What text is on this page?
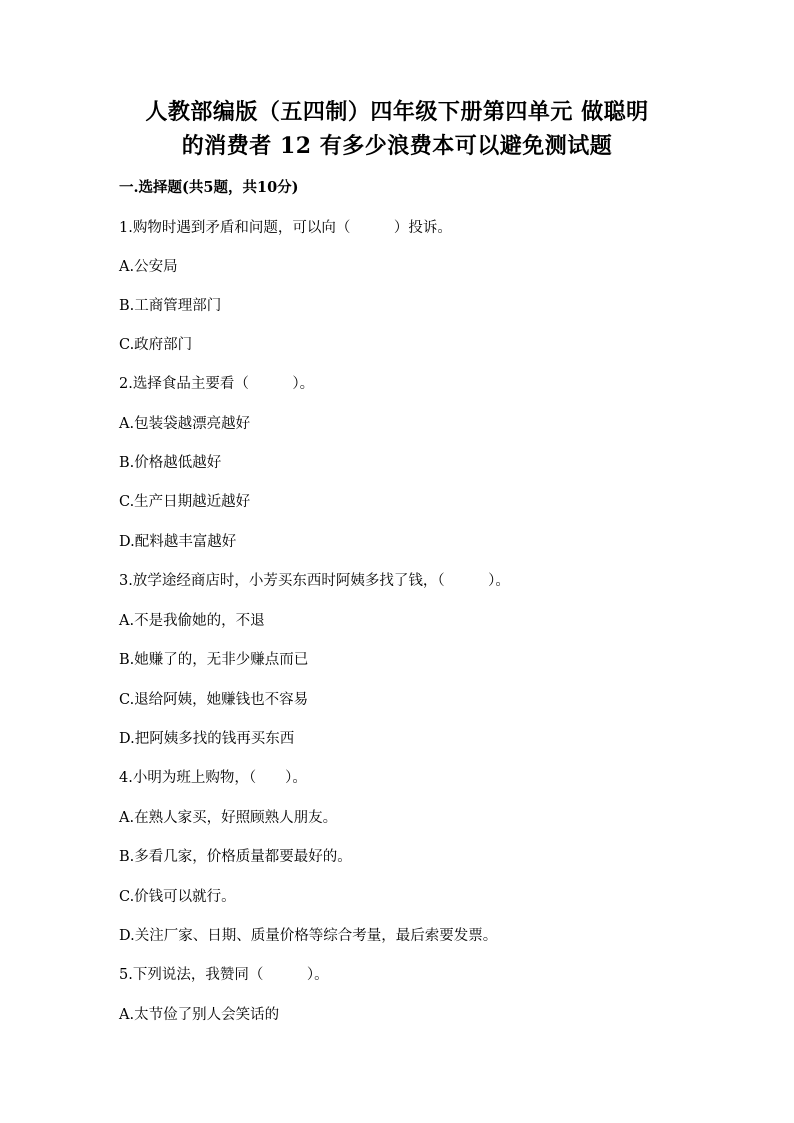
人教部编版（五四制）四年级下册第四单元 做聪明
的消费者 12 有多少浪费本可以避免测试题
一.选择题(共5题，共10分)
1.购物时遇到矛盾和问题，可以向（　　　）投诉。
A.公安局
B.工商管理部门
C.政府部门
2.选择食品主要看（　　　）。
A.包装袋越漂亮越好
B.价格越低越好
C.生产日期越近越好
D.配料越丰富越好
3.放学途经商店时，小芳买东西时阿姨多找了钱，（　　　）。
A.不是我偷她的，不退
B.她赚了的，无非少赚点而已
C.退给阿姨，她赚钱也不容易
D.把阿姨多找的钱再买东西
4.小明为班上购物，（　　）。
A.在熟人家买，好照顾熟人朋友。
B.多看几家，价格质量都要最好的。
C.价钱可以就行。
D.关注厂家、日期、质量价格等综合考量，最后索要发票。
5.下列说法，我赞同（　　　）。
A.太节俭了别人会笑话的
